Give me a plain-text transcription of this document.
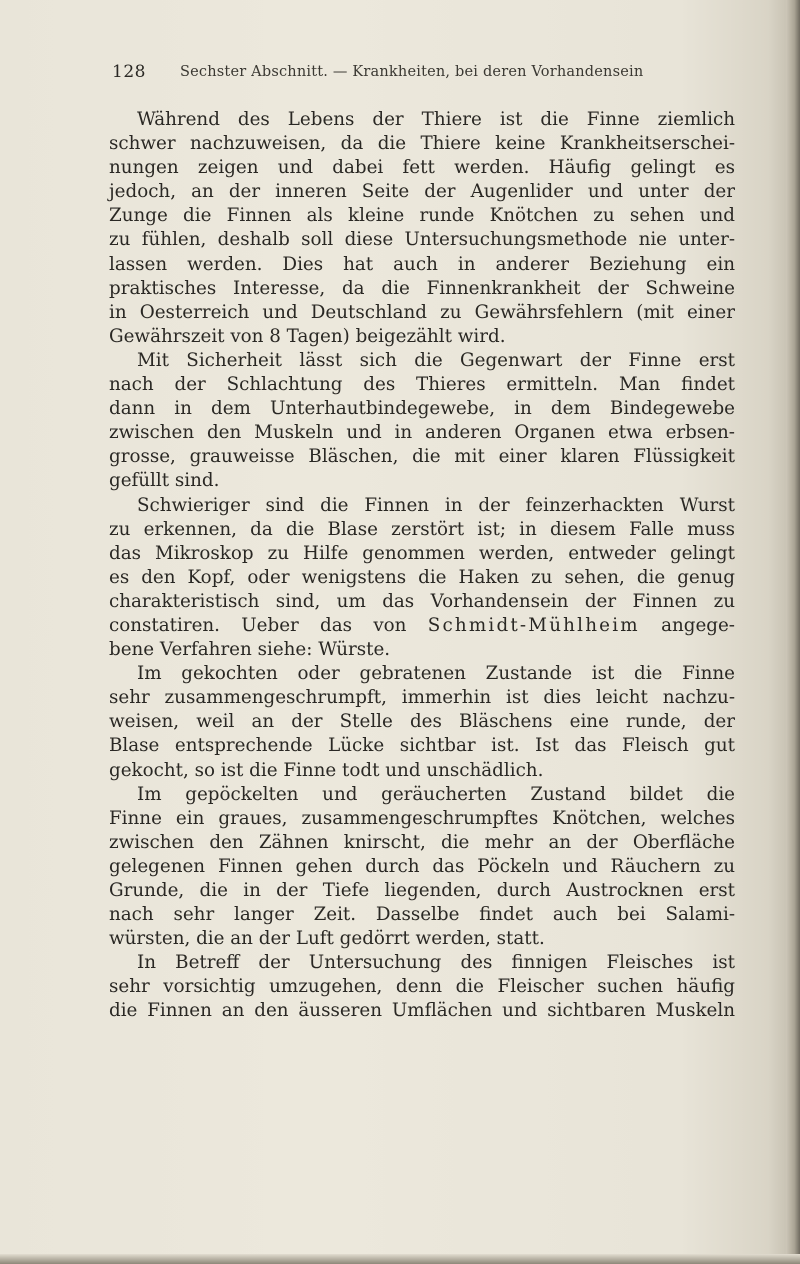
128 Sechster Abschnitt. — Krankheiten, bei deren Vorhandensein
Während des Lebens der Thiere ist die Finne ziemlich
schwer nachzuweisen, da die Thiere keine Krankheitserschei-
nungen zeigen und dabei fett werden. Häufig gelingt es
jedoch, an der inneren Seite der Augenlider und unter der
Zunge die Finnen als kleine runde Knötchen zu sehen und
zu fühlen, deshalb soll diese Untersuchungsmethode nie unter-
lassen werden. Dies hat auch in anderer Beziehung ein
praktisches Interesse, da die Finnenkrankheit der Schweine
in Oesterreich und Deutschland zu Gewährsfehlern (mit einer
Gewährszeit von 8 Tagen) beigezählt wird.
Mit Sicherheit lässt sich die Gegenwart der Finne erst
nach der Schlachtung des Thieres ermitteln. Man findet
dann in dem Unterhautbindegewebe, in dem Bindegewebe
zwischen den Muskeln und in anderen Organen etwa erbsen-
grosse, grauweisse Bläschen, die mit einer klaren Flüssigkeit
gefüllt sind.
Schwieriger sind die Finnen in der feinzerhackten Wurst
zu erkennen, da die Blase zerstört ist; in diesem Falle muss
das Mikroskop zu Hilfe genommen werden, entweder gelingt
es den Kopf, oder wenigstens die Haken zu sehen, die genug
charakteristisch sind, um das Vorhandensein der Finnen zu
constatiren. Ueber das von Schmidt-Mühlheim angege-
bene Verfahren siehe: Würste.
Im gekochten oder gebratenen Zustande ist die Finne
sehr zusammengeschrumpft, immerhin ist dies leicht nachzu-
weisen, weil an der Stelle des Bläschens eine runde, der
Blase entsprechende Lücke sichtbar ist. Ist das Fleisch gut
gekocht, so ist die Finne todt und unschädlich.
Im gepöckelten und geräucherten Zustand bildet die
Finne ein graues, zusammengeschrumpftes Knötchen, welches
zwischen den Zähnen knirscht, die mehr an der Oberfläche
gelegenen Finnen gehen durch das Pöckeln und Räuchern zu
Grunde, die in der Tiefe liegenden, durch Austrocknen erst
nach sehr langer Zeit. Dasselbe findet auch bei Salami-
würsten, die an der Luft gedörrt werden, statt.
In Betreff der Untersuchung des finnigen Fleisches ist
sehr vorsichtig umzugehen, denn die Fleischer suchen häufig
die Finnen an den äusseren Umflächen und sichtbaren Muskeln
